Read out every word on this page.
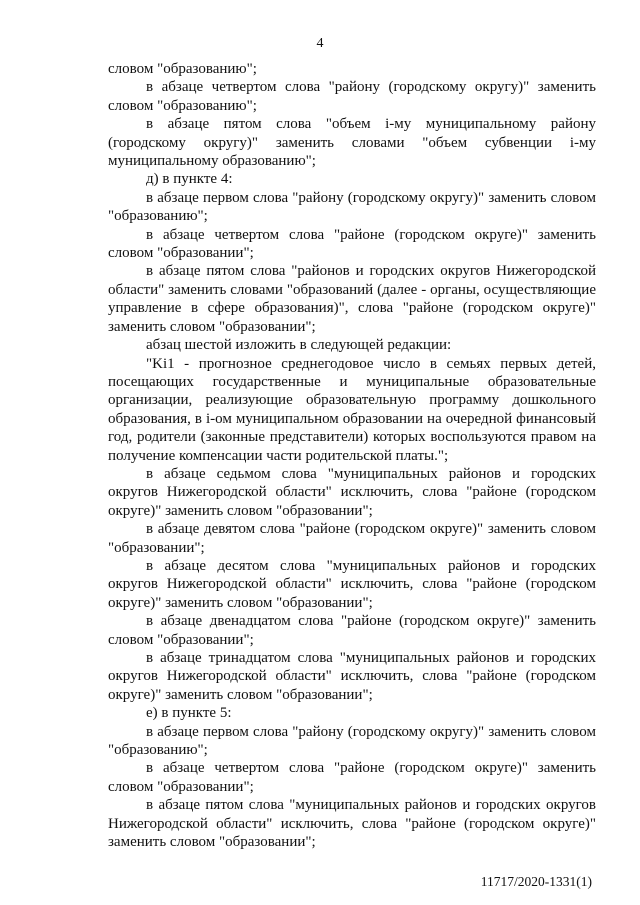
4

словом "образованию";

в абзаце четвертом слова "району (городскому округу)" заменить словом "образованию";

в абзаце пятом слова "объем i-му муниципальному району (городскому округу)" заменить словами "объем субвенции i-му муниципальному образованию";

д) в пункте 4:

в абзаце первом слова "району (городскому округу)" заменить словом "образованию";

в абзаце четвертом слова "районе (городском округе)" заменить словом "образовании";

в абзаце пятом слова "районов и городских округов Нижегородской области" заменить словами "образований (далее - органы, осуществляющие управление в сфере образования)", слова "районе (городском округе)" заменить словом "образовании";

абзац шестой изложить в следующей редакции:

"Ki1 - прогнозное среднегодовое число в семьях первых детей, посещающих государственные и муниципальные образовательные организации, реализующие образовательную программу дошкольного образования, в i-ом муниципальном образовании на очередной финансовый год, родители (законные представители) которых воспользуются правом на получение компенсации части родительской платы.";

в абзаце седьмом слова "муниципальных районов и городских округов Нижегородской области" исключить, слова "районе (городском округе)" заменить словом "образовании";

в абзаце девятом слова "районе (городском округе)" заменить словом "образовании";

в абзаце десятом слова "муниципальных районов и городских округов Нижегородской области" исключить, слова "районе (городском округе)" заменить словом "образовании";

в абзаце двенадцатом слова "районе (городском округе)" заменить словом "образовании";

в абзаце тринадцатом слова "муниципальных районов и городских округов Нижегородской области" исключить, слова "районе (городском округе)" заменить словом "образовании";

е) в пункте 5:

в абзаце первом слова "району (городскому округу)" заменить словом "образованию";

в абзаце четвертом слова "районе (городском округе)" заменить словом "образовании";

в абзаце пятом слова "муниципальных районов и городских округов Нижегородской области" исключить, слова "районе (городском округе)" заменить словом "образовании";

11717/2020-1331(1)
